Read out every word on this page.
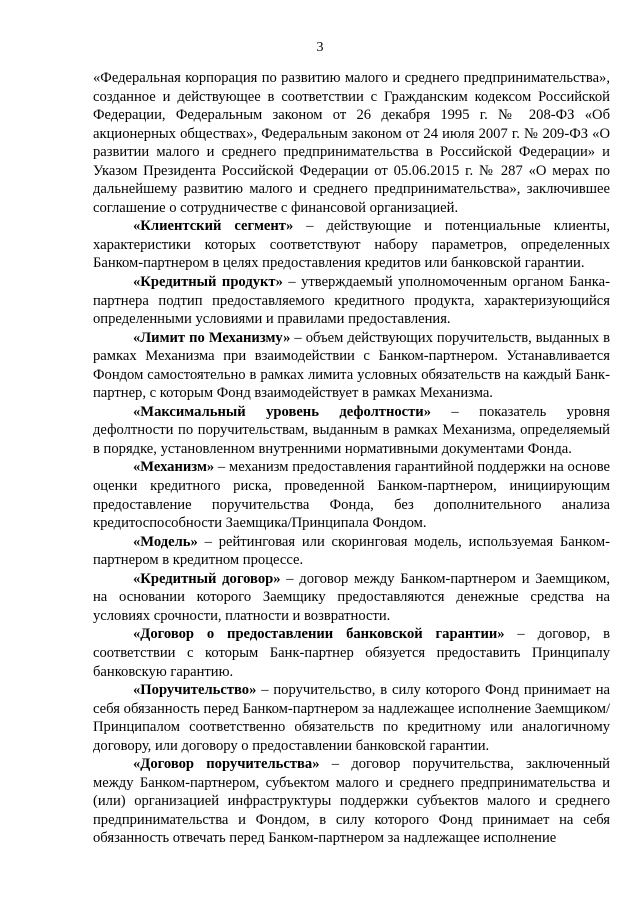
3

«Федеральная корпорация по развитию малого и среднего предпринимательства», созданное и действующее в соответствии с Гражданским кодексом Российской Федерации, Федеральным законом от 26 декабря 1995 г. № 208-ФЗ «Об акционерных обществах», Федеральным законом от 24 июля 2007 г. № 209-ФЗ «О развитии малого и среднего предпринимательства в Российской Федерации» и Указом Президента Российской Федерации от 05.06.2015 г. № 287 «О мерах по дальнейшему развитию малого и среднего предпринимательства», заключившее соглашение о сотрудничестве с финансовой организацией.

«Клиентский сегмент» – действующие и потенциальные клиенты, характеристики которых соответствуют набору параметров, определенных Банком-партнером в целях предоставления кредитов или банковской гарантии.

«Кредитный продукт» – утверждаемый уполномоченным органом Банка-партнера подтип предоставляемого кредитного продукта, характеризующийся определенными условиями и правилами предоставления.

«Лимит по Механизму» – объем действующих поручительств, выданных в рамках Механизма при взаимодействии с Банком-партнером. Устанавливается Фондом самостоятельно в рамках лимита условных обязательств на каждый Банк-партнер, с которым Фонд взаимодействует в рамках Механизма.

«Максимальный уровень дефолтности» – показатель уровня дефолтности по поручительствам, выданным в рамках Механизма, определяемый в порядке, установленном внутренними нормативными документами Фонда.

«Механизм» – механизм предоставления гарантийной поддержки на основе оценки кредитного риска, проведенной Банком-партнером, инициирующим предоставление поручительства Фонда, без дополнительного анализа кредитоспособности Заемщика/Принципала Фондом.

«Модель» – рейтинговая или скоринговая модель, используемая Банком-партнером в кредитном процессе.

«Кредитный договор» – договор между Банком-партнером и Заемщиком, на основании которого Заемщику предоставляются денежные средства на условиях срочности, платности и возвратности.

«Договор о предоставлении банковской гарантии» – договор, в соответствии с которым Банк-партнер обязуется предоставить Принципалу банковскую гарантию.

«Поручительство» – поручительство, в силу которого Фонд принимает на себя обязанность перед Банком-партнером за надлежащее исполнение Заемщиком/Принципалом соответственно обязательств по кредитному или аналогичному договору, или договору о предоставлении банковской гарантии.

«Договор поручительства» – договор поручительства, заключенный между Банком-партнером, субъектом малого и среднего предпринимательства и (или) организацией инфраструктуры поддержки субъектов малого и среднего предпринимательства и Фондом, в силу которого Фонд принимает на себя обязанность отвечать перед Банком-партнером за надлежащее исполнение
